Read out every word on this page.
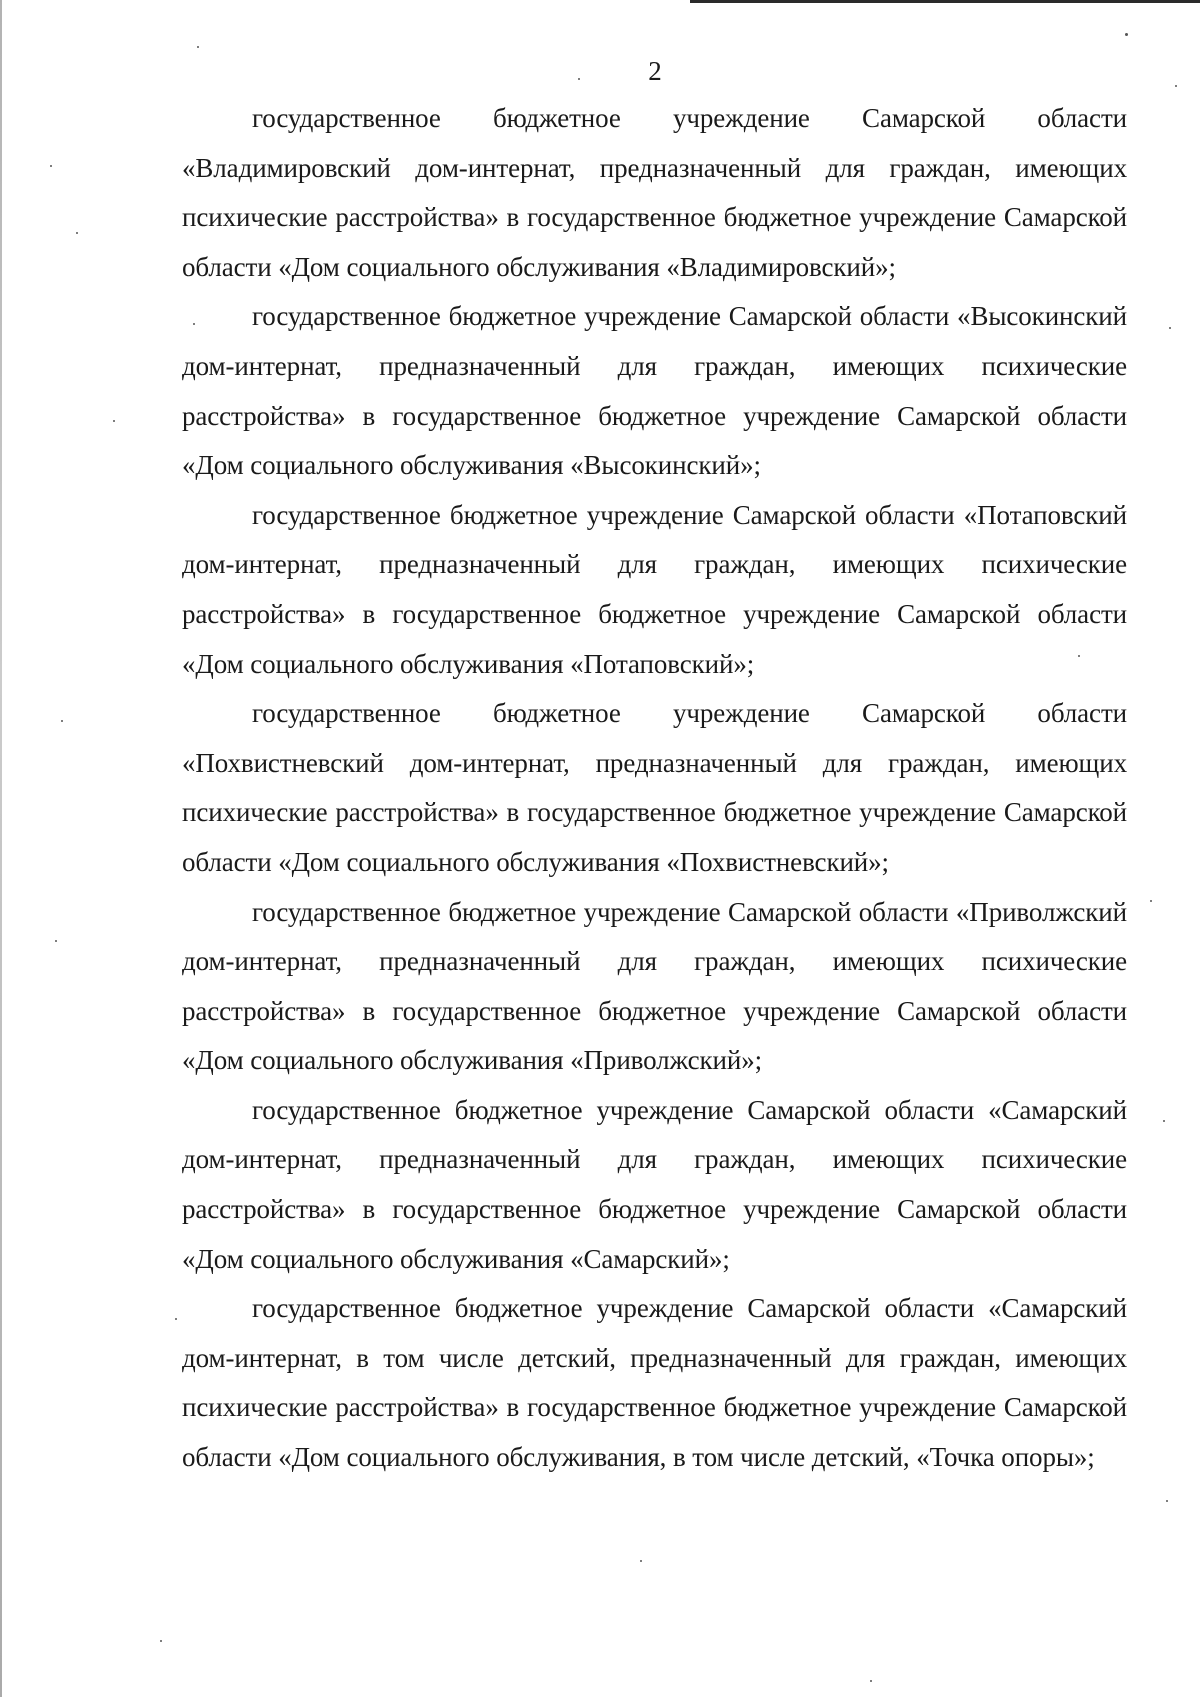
2

государственное бюджетное учреждение Самарской области «Владимировский дом-интернат, предназначенный для граждан, имеющих психические расстройства» в государственное бюджетное учреждение Самарской области «Дом социального обслуживания «Владимировский»;

государственное бюджетное учреждение Самарской области «Высокинский дом-интернат, предназначенный для граждан, имеющих психические расстройства» в государственное бюджетное учреждение Самарской области «Дом социального обслуживания «Высокинский»;

государственное бюджетное учреждение Самарской области «Потаповский дом-интернат, предназначенный для граждан, имеющих психические расстройства» в государственное бюджетное учреждение Самарской области «Дом социального обслуживания «Потаповский»;

государственное бюджетное учреждение Самарской области «Похвистневский дом-интернат, предназначенный для граждан, имеющих психические расстройства» в государственное бюджетное учреждение Самарской области «Дом социального обслуживания «Похвистневский»;

государственное бюджетное учреждение Самарской области «Приволжский дом-интернат, предназначенный для граждан, имеющих психические расстройства» в государственное бюджетное учреждение Самарской области «Дом социального обслуживания «Приволжский»;

государственное бюджетное учреждение Самарской области «Самарский дом-интернат, предназначенный для граждан, имеющих психические расстройства» в государственное бюджетное учреждение Самарской области «Дом социального обслуживания «Самарский»;

государственное бюджетное учреждение Самарской области «Самарский дом-интернат, в том числе детский, предназначенный для граждан, имеющих психические расстройства» в государственное бюджетное учреждение Самарской области «Дом социального обслуживания, в том числе детский, «Точка опоры»;
